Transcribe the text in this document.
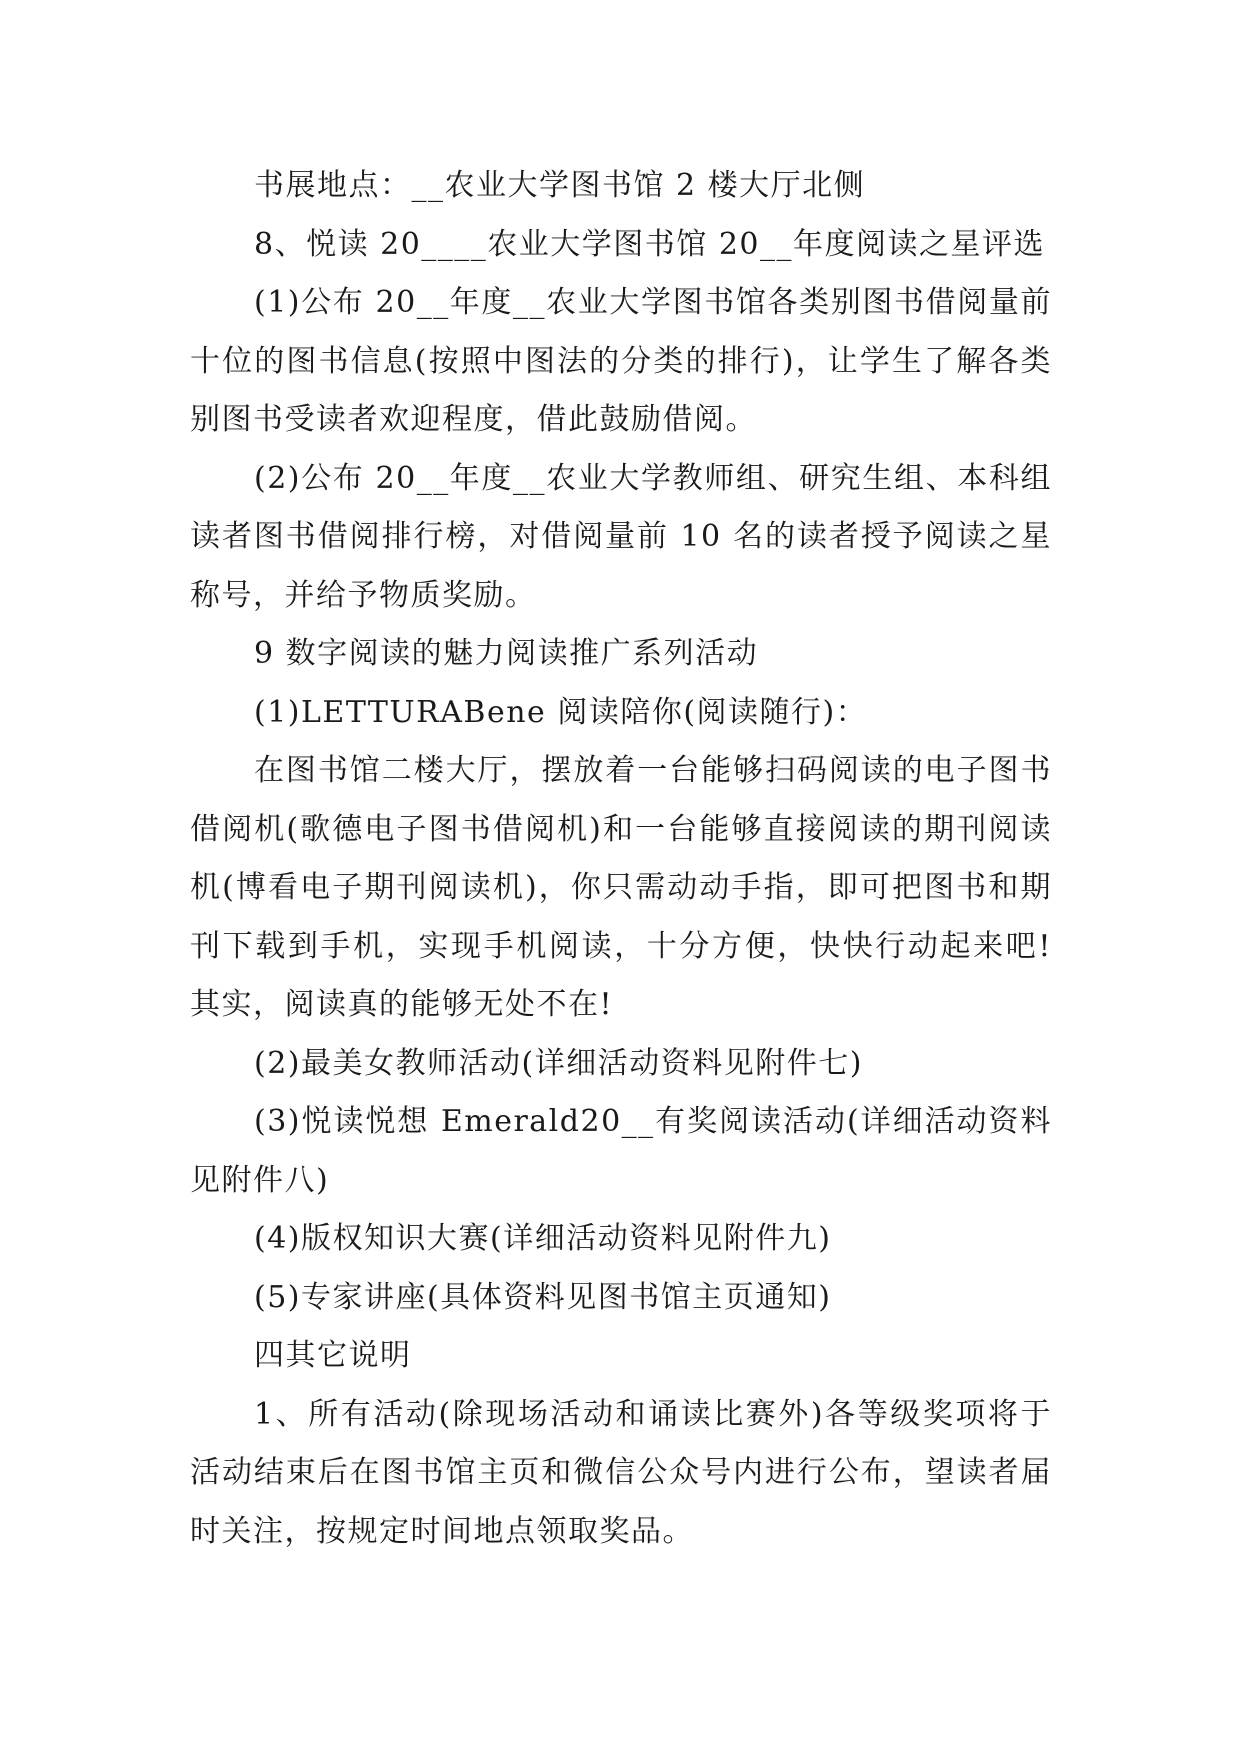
书展地点：__农业大学图书馆 2 楼大厅北侧

8、悦读 20____农业大学图书馆 20__年度阅读之星评选

(1)公布 20__年度__农业大学图书馆各类别图书借阅量前十位的图书信息(按照中图法的分类的排行)，让学生了解各类别图书受读者欢迎程度，借此鼓励借阅。

(2)公布 20__年度__农业大学教师组、研究生组、本科组读者图书借阅排行榜，对借阅量前 10 名的读者授予阅读之星称号，并给予物质奖励。

9 数字阅读的魅力阅读推广系列活动

(1)LETTURABene 阅读陪你(阅读随行)：

在图书馆二楼大厅，摆放着一台能够扫码阅读的电子图书借阅机(歌德电子图书借阅机)和一台能够直接阅读的期刊阅读机(博看电子期刊阅读机)，你只需动动手指，即可把图书和期刊下载到手机，实现手机阅读，十分方便，快快行动起来吧!其实，阅读真的能够无处不在!

(2)最美女教师活动(详细活动资料见附件七)

(3)悦读悦想 Emerald20__有奖阅读活动(详细活动资料见附件八)

(4)版权知识大赛(详细活动资料见附件九)

(5)专家讲座(具体资料见图书馆主页通知)

四其它说明

1、所有活动(除现场活动和诵读比赛外)各等级奖项将于活动结束后在图书馆主页和微信公众号内进行公布，望读者届时关注，按规定时间地点领取奖品。
